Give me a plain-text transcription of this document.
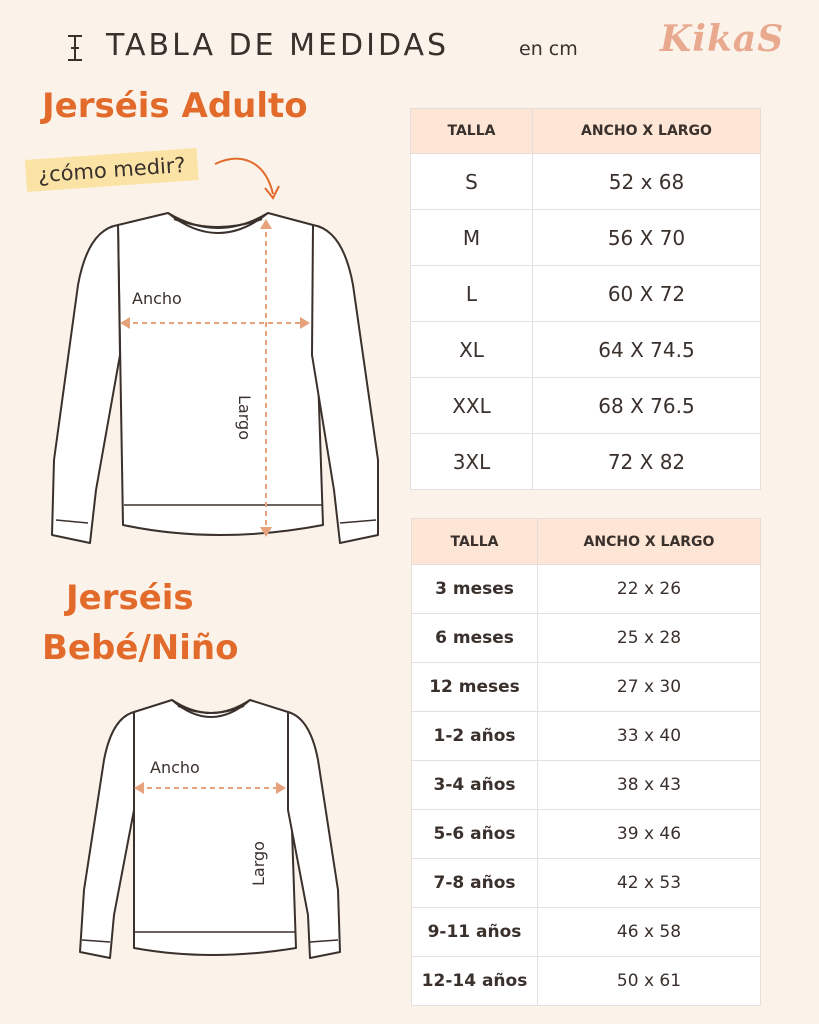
TABLA DE MEDIDAS	en cm KikaS
Jerséis Adulto
¿cómo medir?
Ancho
Largo
TALLA	ANCHO X LARGO
S	52 x 68
M	56 X 70
L	60 X 72
XL	64 X 74.5
XXL	68 X 76.5
3XL	72 X 82
Jerséis
Bebé/Niño
Ancho
Largo
TALLA	ANCHO X LARGO
3 meses	22 x 26
6 meses	25 x 28
12 meses	27 x 30
1-2 años	33 x 40
3-4 años	38 x 43
5-6 años	39 x 46
7-8 años	42 x 53
9-11 años	46 x 58
12-14 años	50 x 61
